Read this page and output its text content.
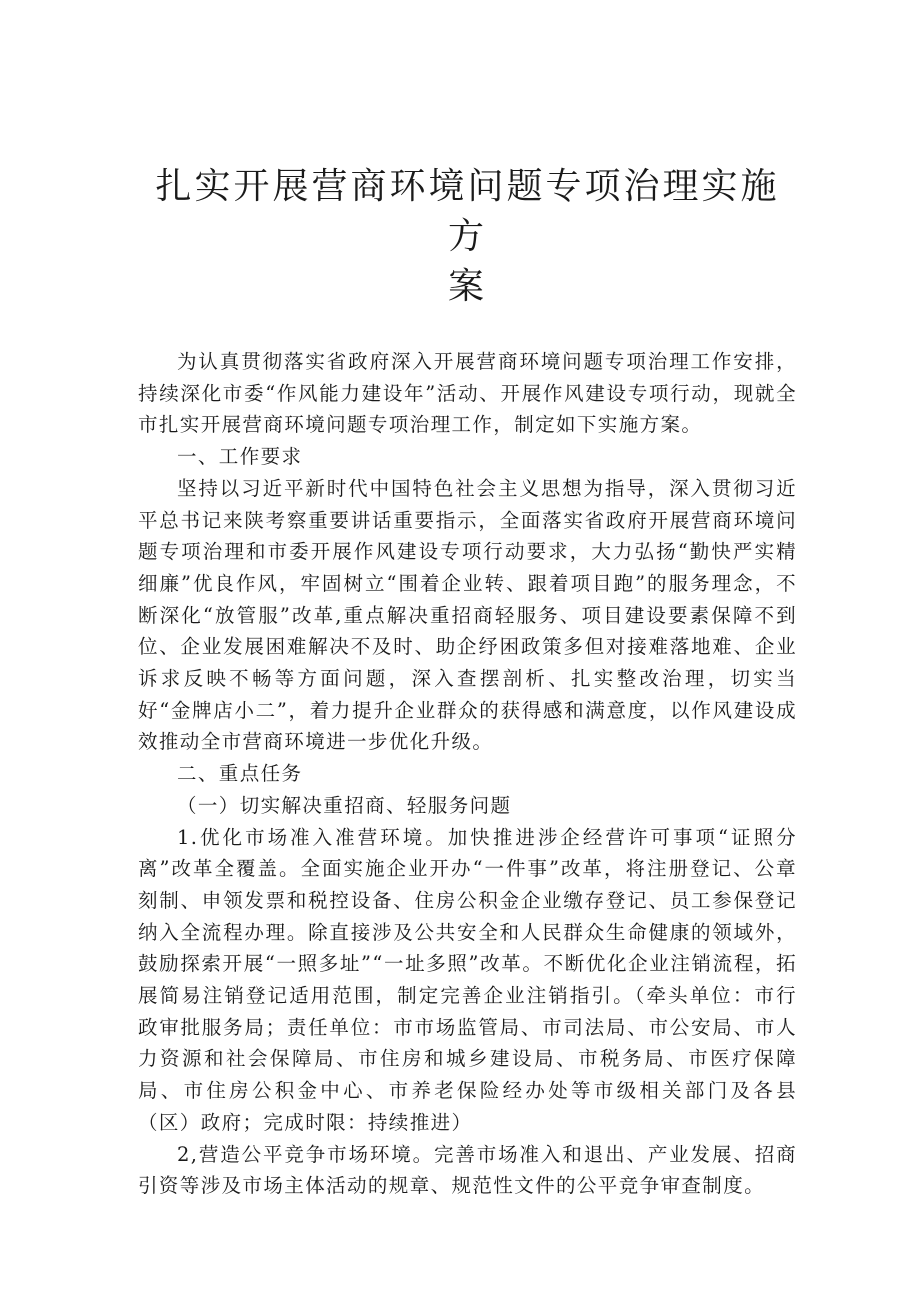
扎实开展营商环境问题专项治理实施方
案

为认真贯彻落实省政府深入开展营商环境问题专项治理工作安排，持续深化市委“作风能力建设年”活动、开展作风建设专项行动，现就全市扎实开展营商环境问题专项治理工作，制定如下实施方案。

一、工作要求

坚持以习近平新时代中国特色社会主义思想为指导，深入贯彻习近平总书记来陕考察重要讲话重要指示，全面落实省政府开展营商环境问题专项治理和市委开展作风建设专项行动要求，大力弘扬“勤快严实精细廉”优良作风，牢固树立“围着企业转、跟着项目跑”的服务理念，不断深化“放管服”改革,重点解决重招商轻服务、项目建设要素保障不到位、企业发展困难解决不及时、助企纾困政策多但对接难落地难、企业诉求反映不畅等方面问题，深入查摆剖析、扎实整改治理，切实当好“金牌店小二”，着力提升企业群众的获得感和满意度，以作风建设成效推动全市营商环境进一步优化升级。

二、重点任务

（一）切实解决重招商、轻服务问题

1.优化市场准入准营环境。加快推进涉企经营许可事项“证照分离”改革全覆盖。全面实施企业开办“一件事”改革，将注册登记、公章刻制、申领发票和税控设备、住房公积金企业缴存登记、员工参保登记纳入全流程办理。除直接涉及公共安全和人民群众生命健康的领域外，鼓励探索开展“一照多址”“一址多照”改革。不断优化企业注销流程，拓展简易注销登记适用范围，制定完善企业注销指引。（牵头单位：市行政审批服务局；责任单位：市市场监管局、市司法局、市公安局、市人力资源和社会保障局、市住房和城乡建设局、市税务局、市医疗保障局、市住房公积金中心、市养老保险经办处等市级相关部门及各县（区）政府；完成时限：持续推进）

2,营造公平竞争市场环境。完善市场准入和退出、产业发展、招商引资等涉及市场主体活动的规章、规范性文件的公平竞争审查制度。
